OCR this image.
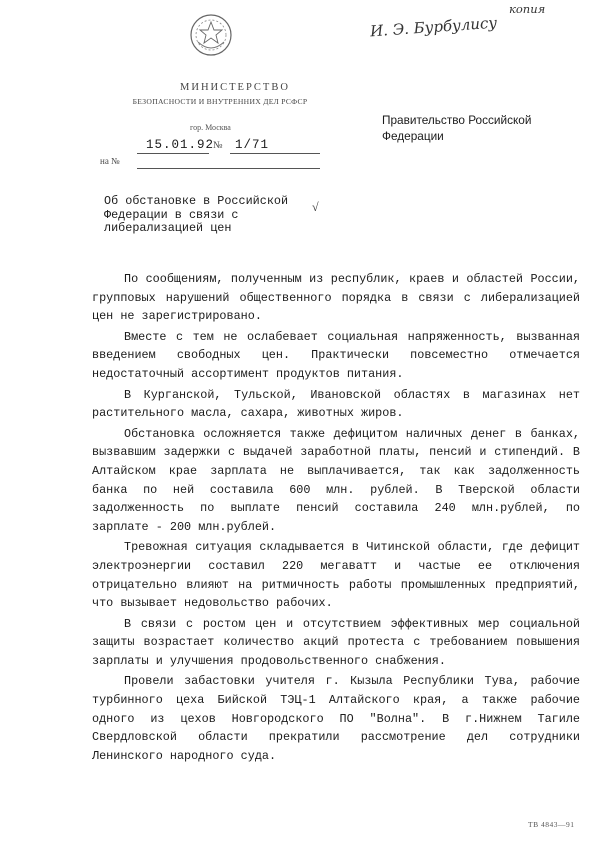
копия
И. Э. Бурбулису
МИНИСТЕРСТВО
БЕЗОПАСНОСТИ И ВНУТРЕННИХ ДЕЛ РСФСР
гор. Москва
15.01.92
№ 1/71
на №
Правительство Российской Федерации
Об обстановке в Российской Федерации в связи с либерализацией цен
√

По сообщениям, полученным из республик, краев и областей России, групповых нарушений общественного порядка в связи с либерализацией цен не зарегистрировано.

Вместе с тем не ослабевает социальная напряженность, вызванная введением свободных цен. Практически повсеместно отмечается недостаточный ассортимент продуктов питания.

В Курганской, Тульской, Ивановской областях в магазинах нет растительного масла, сахара, животных жиров.

Обстановка осложняется также дефицитом наличных денег в банках, вызвавшим задержки с выдачей заработной платы, пенсий и стипендий. В Алтайском крае зарплата не выплачивается, так как задолженность банка по ней составила 600 млн. рублей. В Тверской области задолженность по выплате пенсий составила 240 млн.рублей, по зарплате - 200 млн.рублей.

Тревожная ситуация складывается в Читинской области, где дефицит электроэнергии составил 220 мегаватт и частые ее отключения отрицательно влияют на ритмичность работы промышленных предприятий, что вызывает недовольство рабочих.

В связи с ростом цен и отсутствием эффективных мер социальной защиты возрастает количество акций протеста с требованием повышения зарплаты и улучшения продовольственного снабжения.

Провели забастовки учителя г. Кызыла Республики Тува, рабочие турбинного цеха Бийской ТЭЦ-1 Алтайского края, а также рабочие одного из цехов Новгородского ПО "Волна". В г.Нижнем Тагиле Свердловской области прекратили рассмотрение дел сотрудники Ленинского народного суда.

ТВ 4843—91
